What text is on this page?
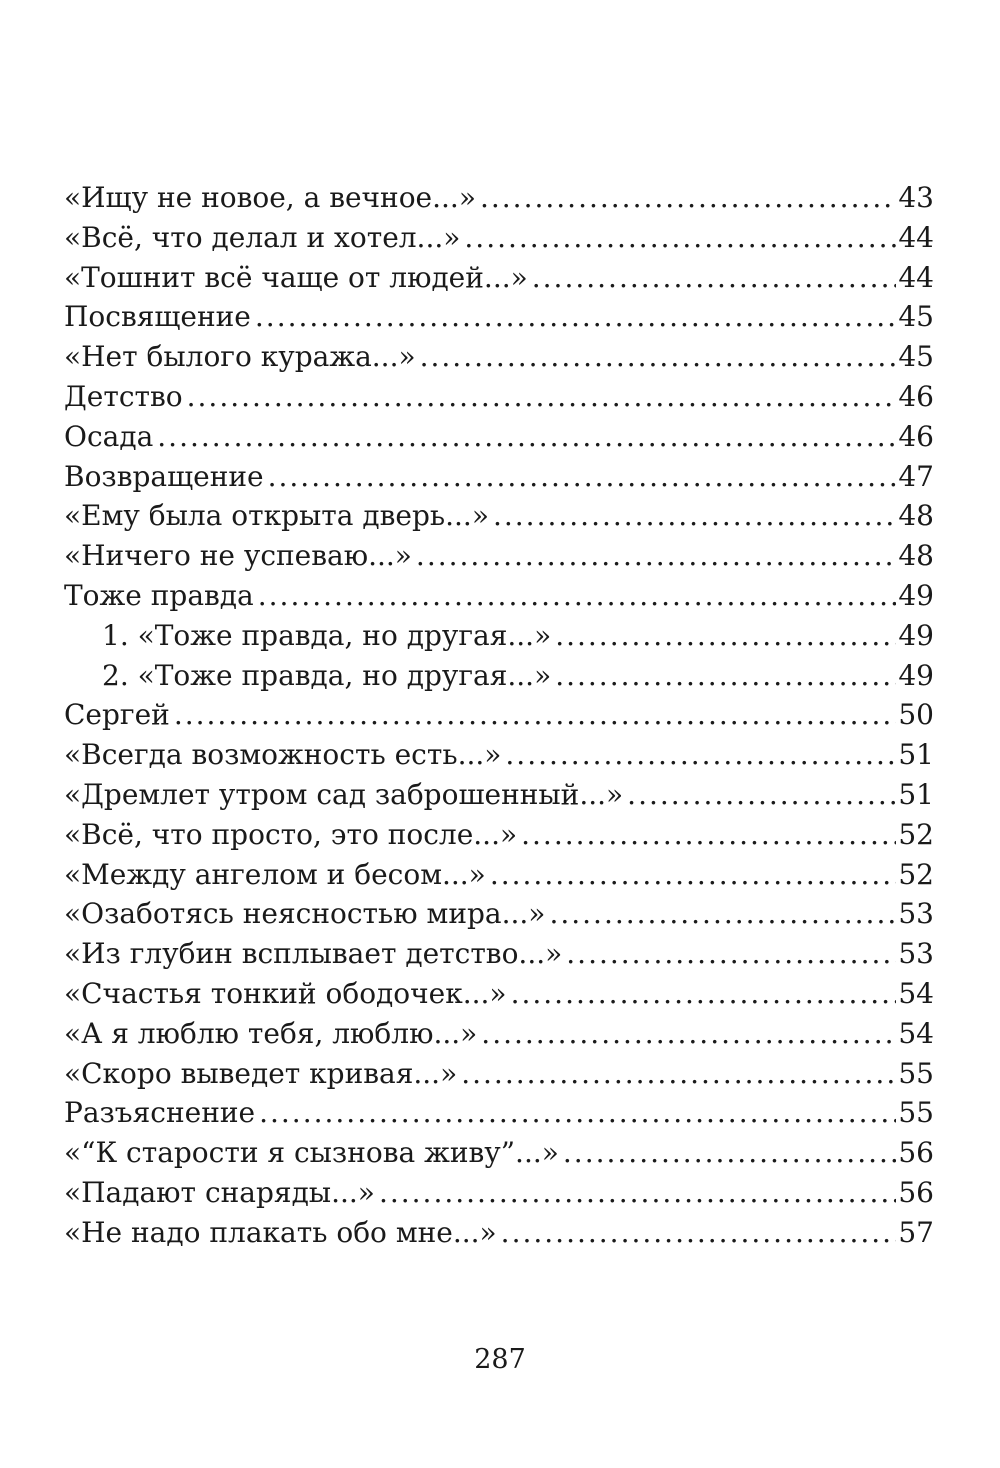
«Ищу не новое, а вечное...» .....	43
«Всё, что делал и хотел...» .....	44
«Тошнит всё чаще от людей...» .....	44
Посвящение .....	45
«Нет былого куража...» .....	45
Детство .....	46
Осада .....	46
Возвращение .....	47
«Ему была открыта дверь...» .....	48
«Ничего не успеваю...» .....	48
Тоже правда .....	49
1. «Тоже правда, но другая...» .....	49
2. «Тоже правда, но другая...» .....	49
Сергей .....	50
«Всегда возможность есть...» .....	51
«Дремлет утром сад заброшенный...» .....	51
«Всё, что просто, это после...» .....	52
«Между ангелом и бесом...» .....	52
«Озаботясь неясностью мира...» .....	53
«Из глубин всплывает детство...» .....	53
«Счастья тонкий ободочек...» .....	54
«А я люблю тебя, люблю...» .....	54
«Скоро выведет кривая...» .....	55
Разъяснение .....	55
«“К старости я сызнова живу”...» .....	56
«Падают снаряды...» .....	56
«Не надо плакать обо мне...» .....	57
287
